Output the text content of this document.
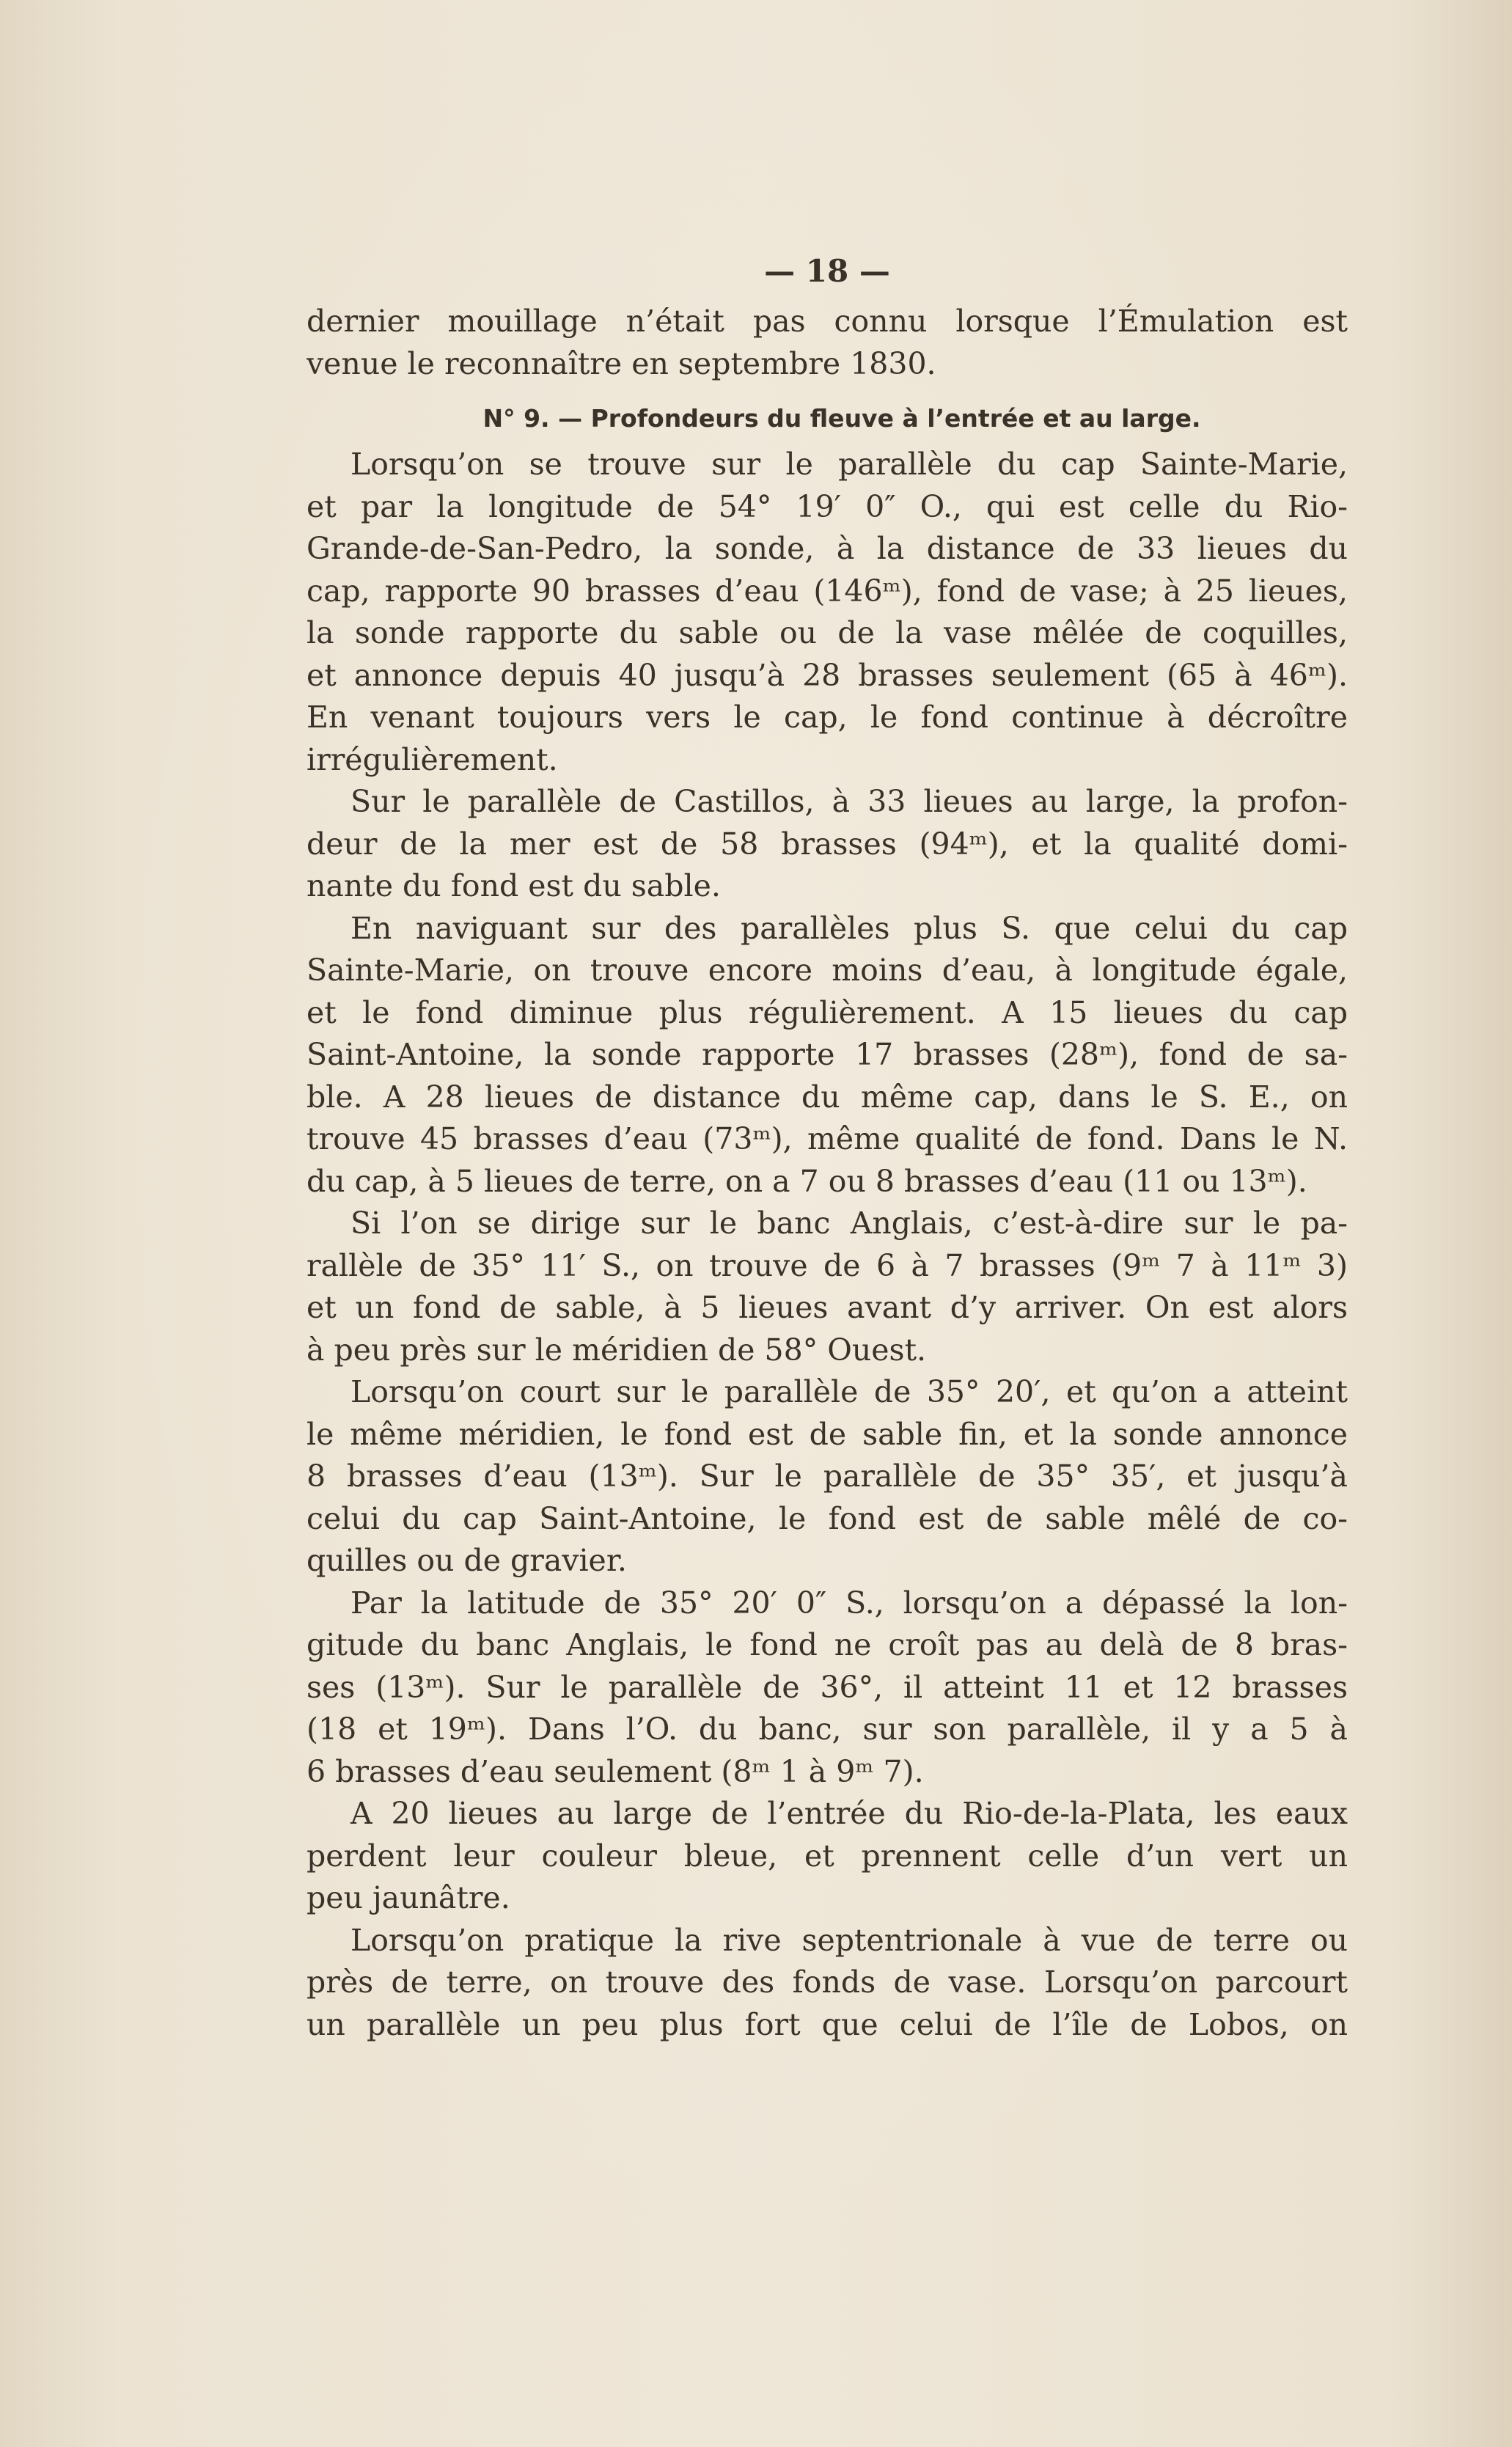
— 18 —
dernier mouillage n’était pas connu lorsque l’Émulation est
venue le reconnaître en septembre 1830.
N° 9. — Profondeurs du fleuve à l’entrée et au large.
Lorsqu’on se trouve sur le parallèle du cap Sainte-Marie,
et par la longitude de 54° 19′ 0″ O., qui est celle du Rio-
Grande-de-San-Pedro, la sonde, à la distance de 33 lieues du
cap, rapporte 90 brasses d’eau (146ᵐ), fond de vase; à 25 lieues,
la sonde rapporte du sable ou de la vase mêlée de coquilles,
et annonce depuis 40 jusqu’à 28 brasses seulement (65 à 46ᵐ).
En venant toujours vers le cap, le fond continue à décroître
irrégulièrement.
Sur le parallèle de Castillos, à 33 lieues au large, la profon-
deur de la mer est de 58 brasses (94ᵐ), et la qualité domi-
nante du fond est du sable.
En naviguant sur des parallèles plus S. que celui du cap
Sainte-Marie, on trouve encore moins d’eau, à longitude égale,
et le fond diminue plus régulièrement. A 15 lieues du cap
Saint-Antoine, la sonde rapporte 17 brasses (28ᵐ), fond de sa-
ble. A 28 lieues de distance du même cap, dans le S. E., on
trouve 45 brasses d’eau (73ᵐ), même qualité de fond. Dans le N.
du cap, à 5 lieues de terre, on a 7 ou 8 brasses d’eau (11 ou 13ᵐ).
Si l’on se dirige sur le banc Anglais, c’est-à-dire sur le pa-
rallèle de 35° 11′ S., on trouve de 6 à 7 brasses (9ᵐ 7 à 11ᵐ 3)
et un fond de sable, à 5 lieues avant d’y arriver. On est alors
à peu près sur le méridien de 58° Ouest.
Lorsqu’on court sur le parallèle de 35° 20′, et qu’on a atteint
le même méridien, le fond est de sable fin, et la sonde annonce
8 brasses d’eau (13ᵐ). Sur le parallèle de 35° 35′, et jusqu’à
celui du cap Saint-Antoine, le fond est de sable mêlé de co-
quilles ou de gravier.
Par la latitude de 35° 20′ 0″ S., lorsqu’on a dépassé la lon-
gitude du banc Anglais, le fond ne croît pas au delà de 8 bras-
ses (13ᵐ). Sur le parallèle de 36°, il atteint 11 et 12 brasses
(18 et 19ᵐ). Dans l’O. du banc, sur son parallèle, il y a 5 à
6 brasses d’eau seulement (8ᵐ 1 à 9ᵐ 7).
A 20 lieues au large de l’entrée du Rio-de-la-Plata, les eaux
perdent leur couleur bleue, et prennent celle d’un vert un
peu jaunâtre.
Lorsqu’on pratique la rive septentrionale à vue de terre ou
près de terre, on trouve des fonds de vase. Lorsqu’on parcourt
un parallèle un peu plus fort que celui de l’île de Lobos, on
